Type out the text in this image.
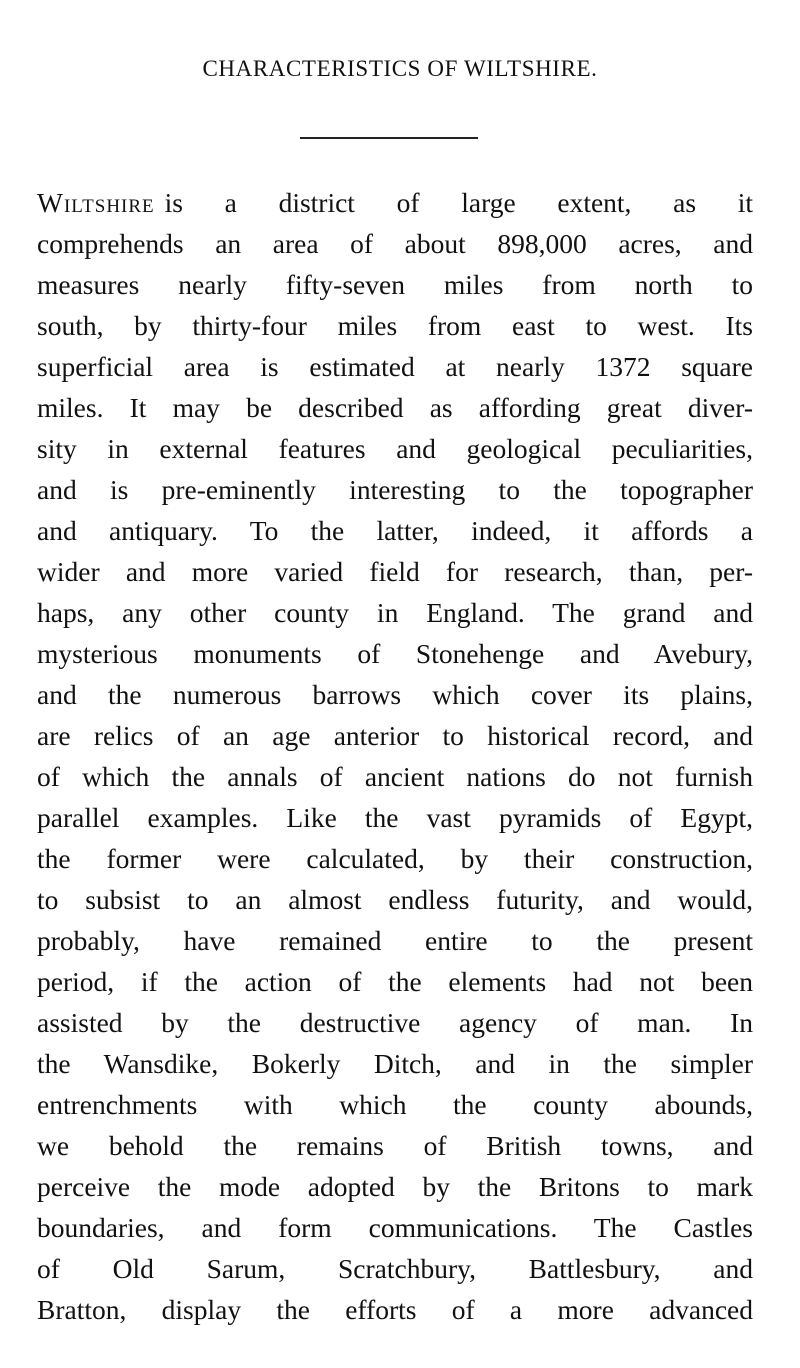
CHARACTERISTICS OF WILTSHIRE.
Wiltshire is a district of large extent, as it
comprehends an area of about 898,000 acres, and
measures nearly fifty-seven miles from north to
south, by thirty-four miles from east to west. Its
superficial area is estimated at nearly 1372 square
miles. It may be described as affording great diver-
sity in external features and geological peculiarities,
and is pre-eminently interesting to the topographer
and antiquary. To the latter, indeed, it affords a
wider and more varied field for research, than, per-
haps, any other county in England. The grand and
mysterious monuments of Stonehenge and Avebury,
and the numerous barrows which cover its plains,
are relics of an age anterior to historical record, and
of which the annals of ancient nations do not furnish
parallel examples. Like the vast pyramids of Egypt,
the former were calculated, by their construction,
to subsist to an almost endless futurity, and would,
probably, have remained entire to the present
period, if the action of the elements had not been
assisted by the destructive agency of man. In
the Wansdike, Bokerly Ditch, and in the simpler
entrenchments with which the county abounds,
we behold the remains of British towns, and
perceive the mode adopted by the Britons to mark
boundaries, and form communications. The Castles
of Old Sarum, Scratchbury, Battlesbury, and
Bratton, display the efforts of a more advanced
